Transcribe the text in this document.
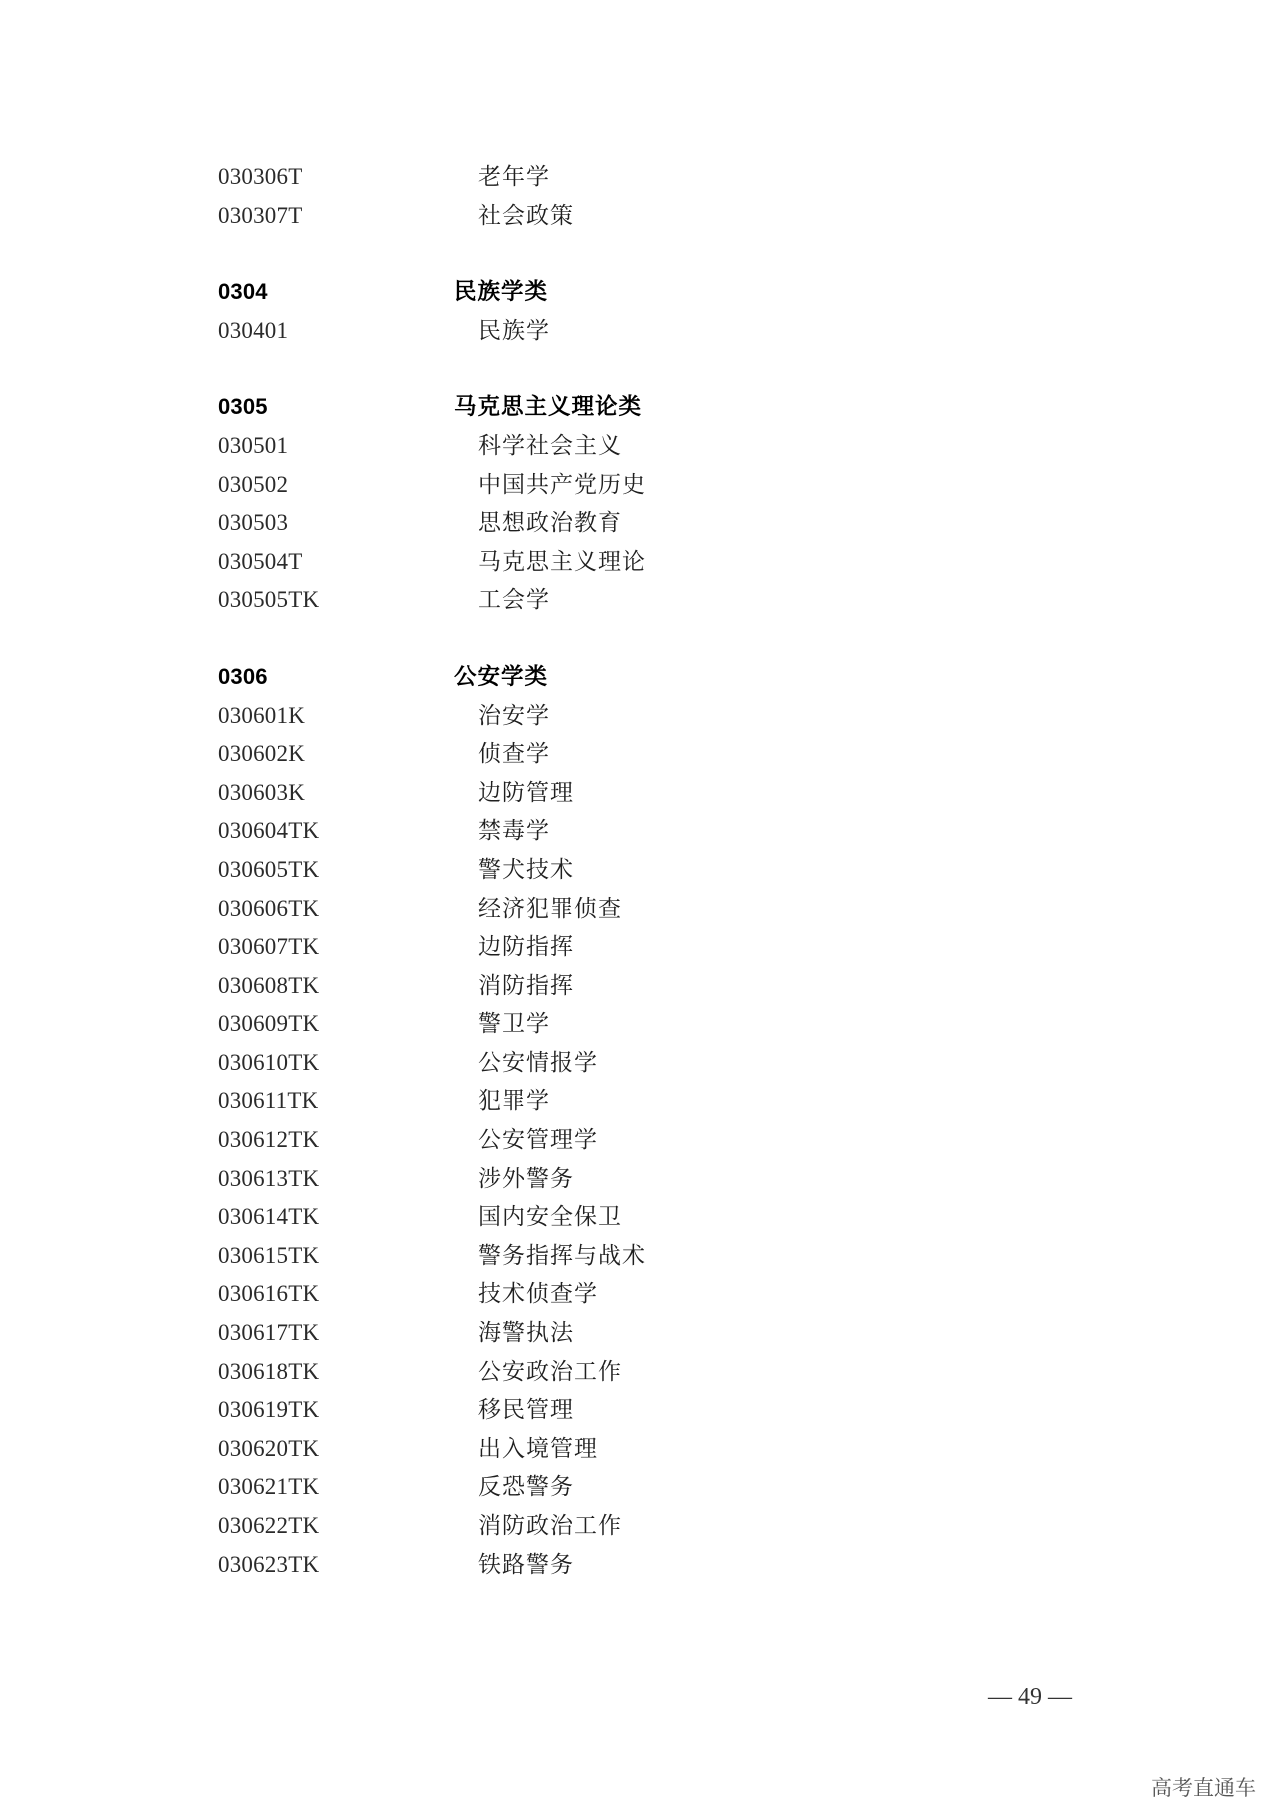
030306T	老年学
030307T	社会政策
0304	民族学类
030401	民族学
0305	马克思主义理论类
030501	科学社会主义
030502	中国共产党历史
030503	思想政治教育
030504T	马克思主义理论
030505TK	工会学
0306	公安学类
030601K	治安学
030602K	侦查学
030603K	边防管理
030604TK	禁毒学
030605TK	警犬技术
030606TK	经济犯罪侦查
030607TK	边防指挥
030608TK	消防指挥
030609TK	警卫学
030610TK	公安情报学
030611TK	犯罪学
030612TK	公安管理学
030613TK	涉外警务
030614TK	国内安全保卫
030615TK	警务指挥与战术
030616TK	技术侦查学
030617TK	海警执法
030618TK	公安政治工作
030619TK	移民管理
030620TK	出入境管理
030621TK	反恐警务
030622TK	消防政治工作
030623TK	铁路警务
— 49 —
高考直通车
